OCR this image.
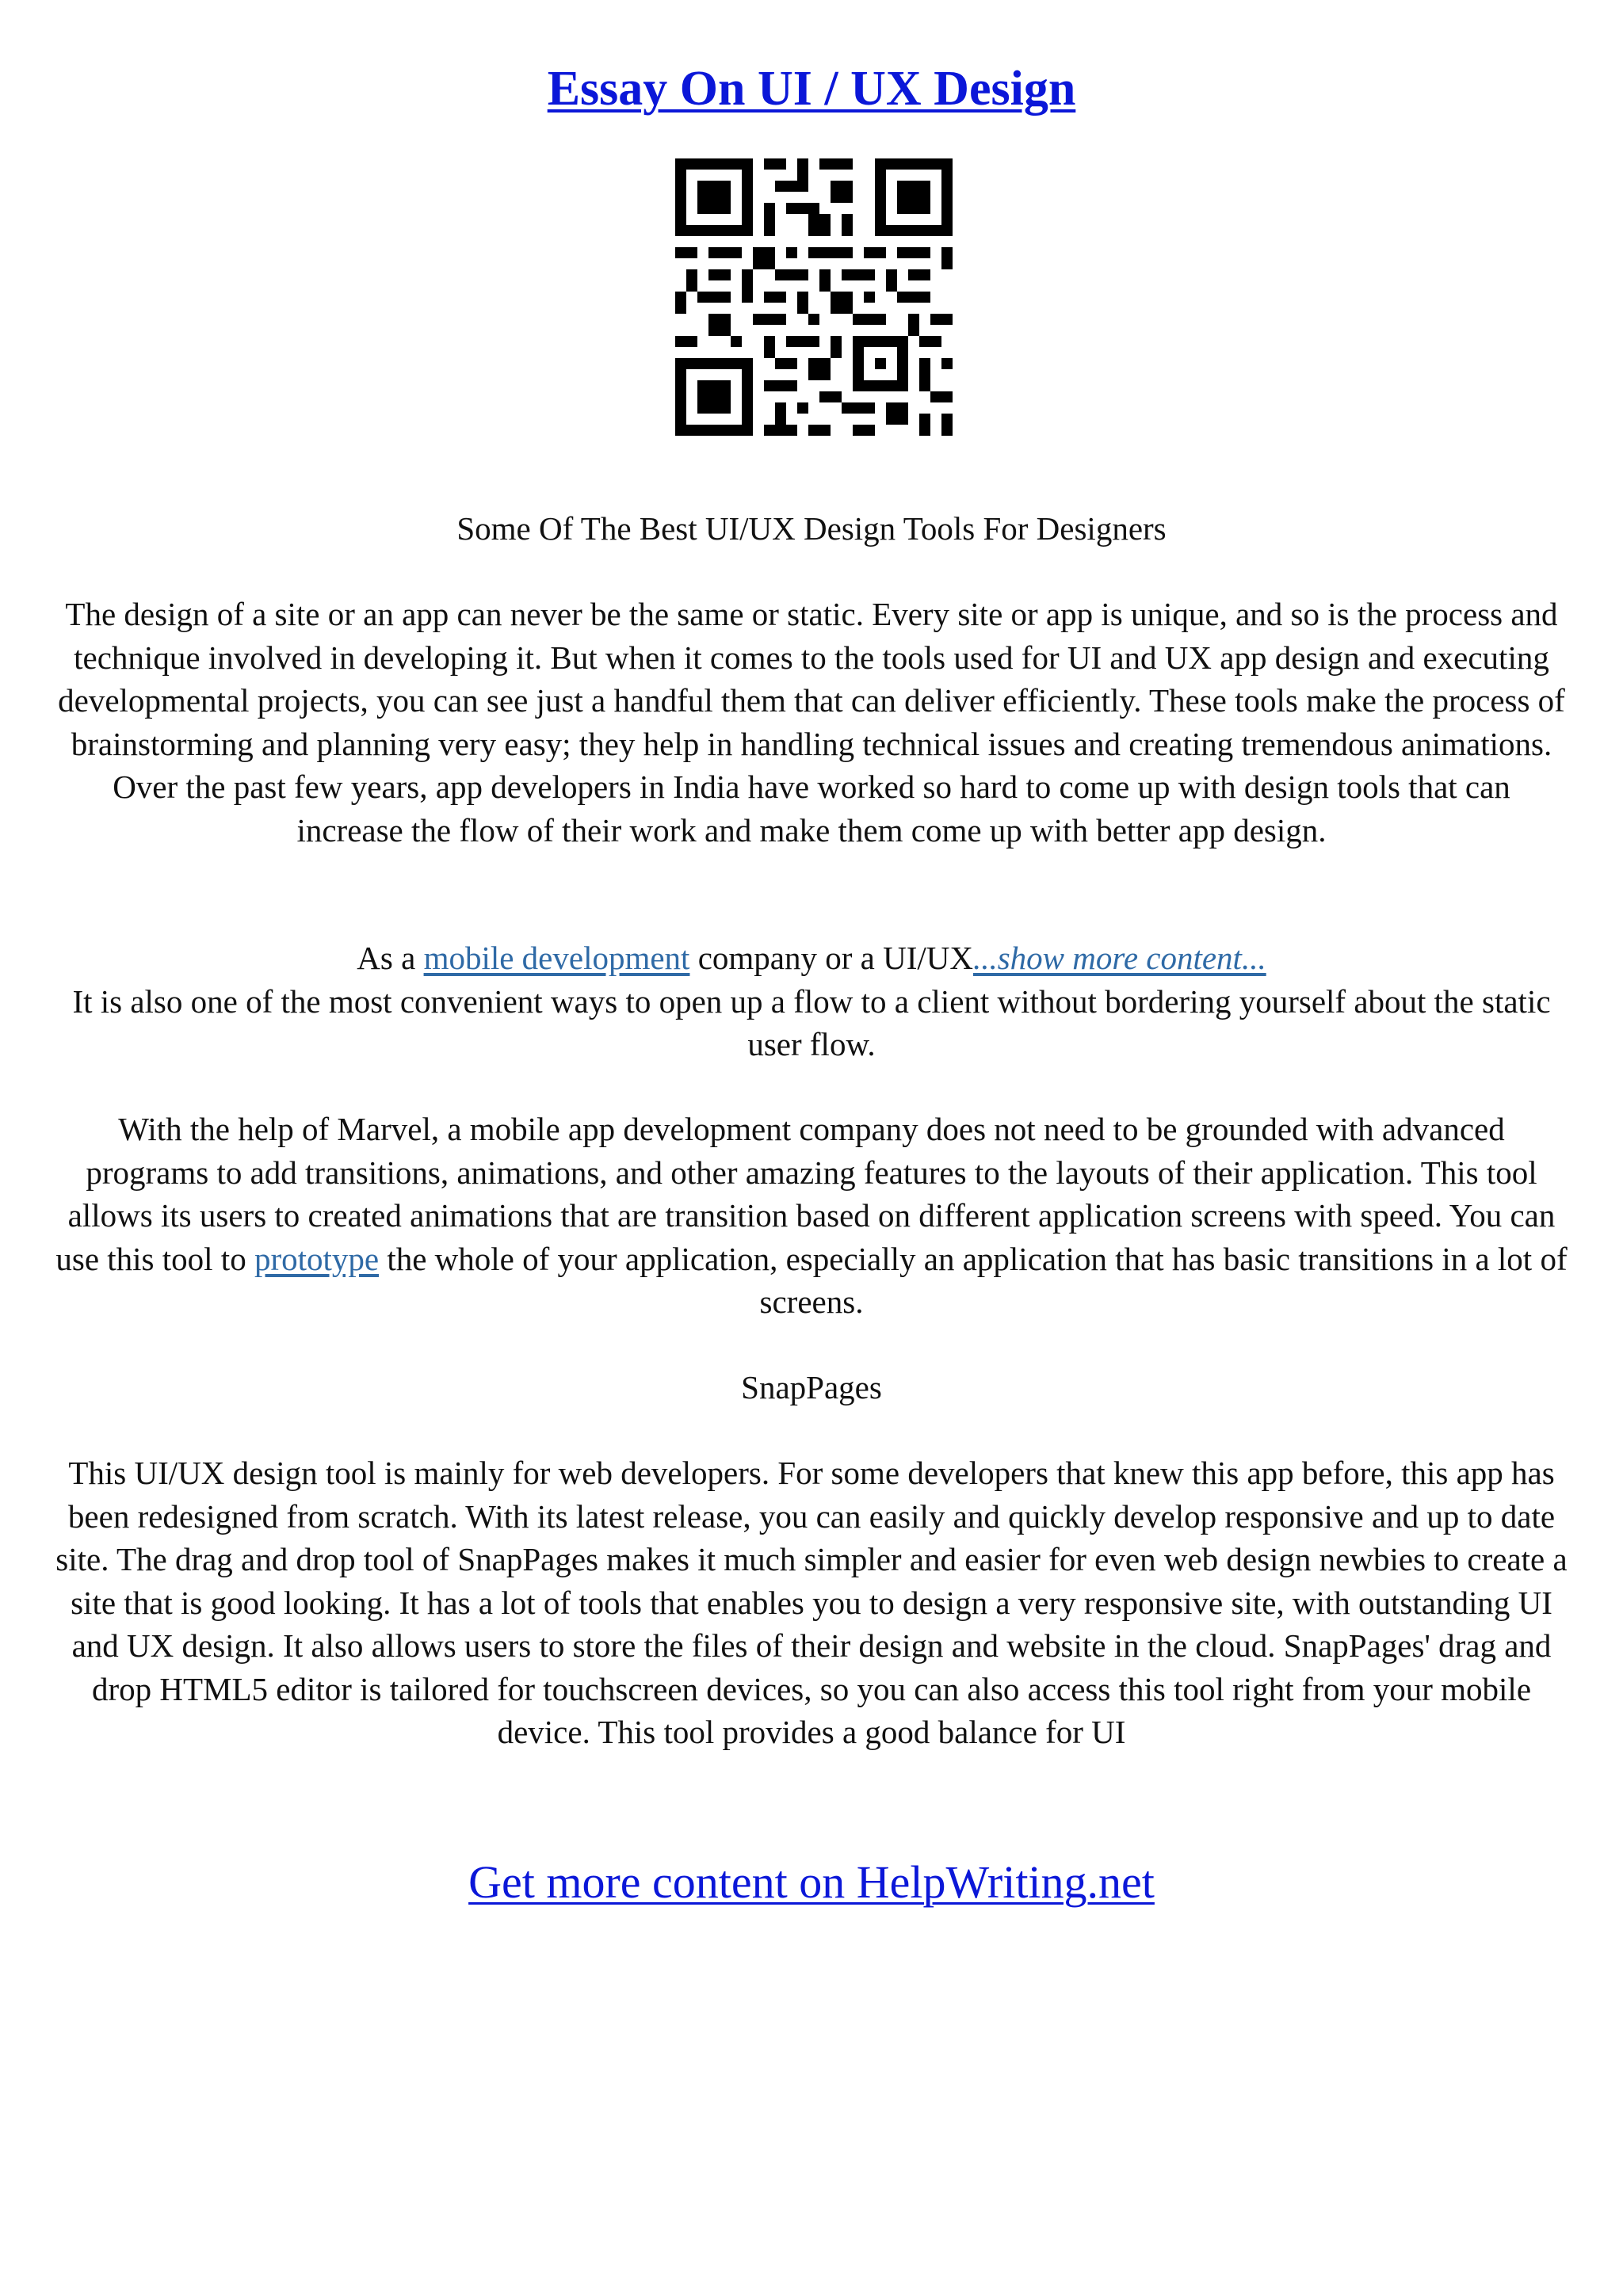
Essay On UI / UX Design
Some Of The Best UI/UX Design Tools For Designers
The design of a site or an app can never be the same or static. Every site or app is unique, and so is the process and technique involved in developing it. But when it comes to the tools used for UI and UX app design and executing developmental projects, you can see just a handful them that can deliver efficiently. These tools make the process of brainstorming and planning very easy; they help in handling technical issues and creating tremendous animations. Over the past few years, app developers in India have worked so hard to come up with design tools that can increase the flow of their work and make them come up with better app design.
As a mobile development company or a UI/UX...show more content...
It is also one of the most convenient ways to open up a flow to a client without bordering yourself about the static user flow.
With the help of Marvel, a mobile app development company does not need to be grounded with advanced programs to add transitions, animations, and other amazing features to the layouts of their application. This tool allows its users to created animations that are transition based on different application screens with speed. You can use this tool to prototype the whole of your application, especially an application that has basic transitions in a lot of screens.
SnapPages
This UI/UX design tool is mainly for web developers. For some developers that knew this app before, this app has been redesigned from scratch. With its latest release, you can easily and quickly develop responsive and up to date site. The drag and drop tool of SnapPages makes it much simpler and easier for even web design newbies to create a site that is good looking. It has a lot of tools that enables you to design a very responsive site, with outstanding UI and UX design. It also allows users to store the files of their design and website in the cloud. SnapPages' drag and drop HTML5 editor is tailored for touchscreen devices, so you can also access this tool right from your mobile device. This tool provides a good balance for UI
Get more content on HelpWriting.net
